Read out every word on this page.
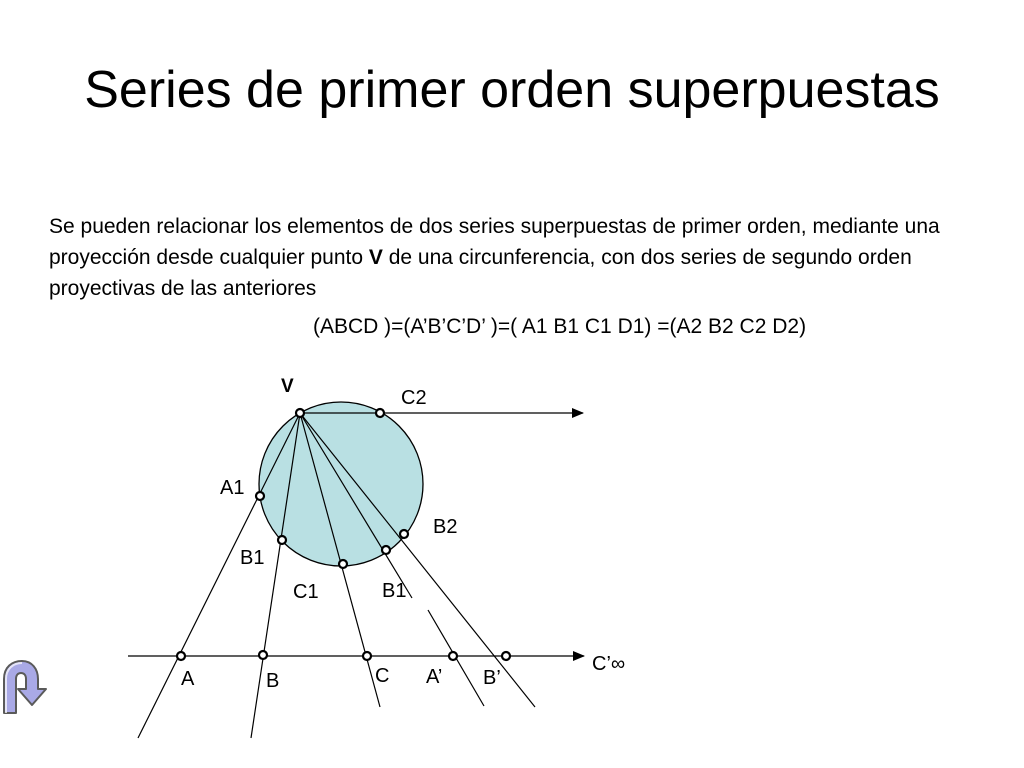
Series de primer orden superpuestas

Se pueden relacionar los elementos de dos series superpuestas de primer orden, mediante una proyección desde cualquier punto V de una circunferencia, con dos series de segundo orden proyectivas de las anteriores

(ABCD )=(A’B’C’D’ )=( A1 B1 C1 D1) =(A2 B2 C2 D2)
V
C2
A1
B2
B1
C1	B1
C’∞
A	B	C A’ B’
